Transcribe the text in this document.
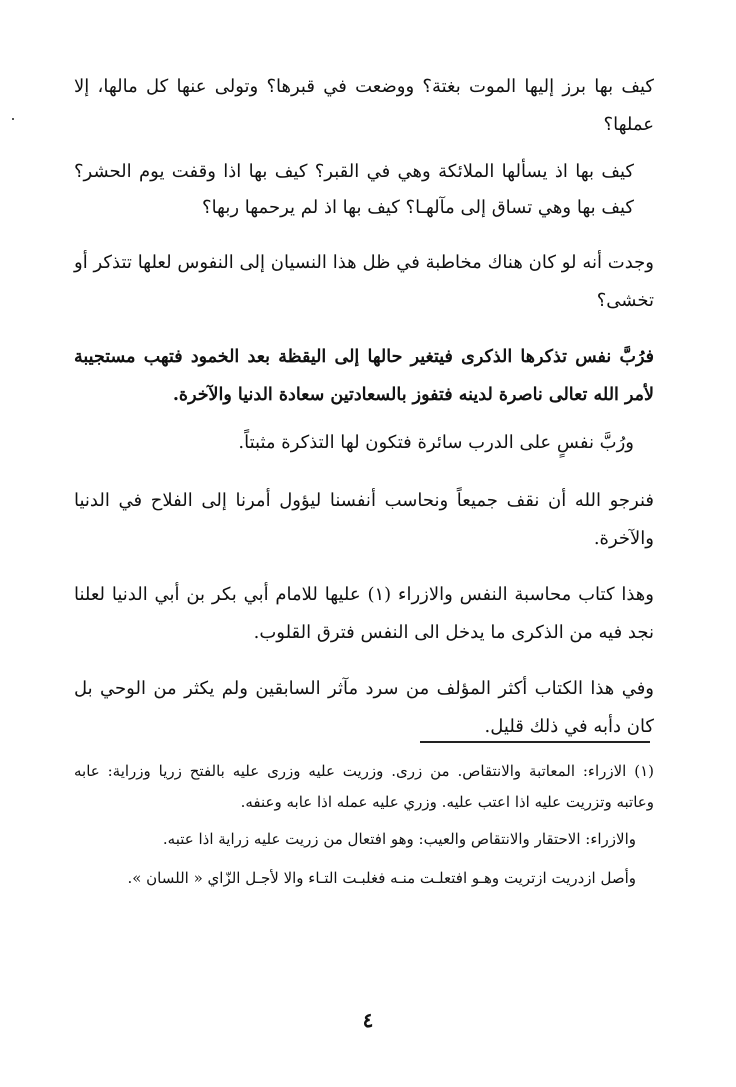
كيف بها برز إليها الموت بغتة؟ ووضعت في قبرها؟ وتولى عنها كل مالها، إلا عملها؟

كيف بها اذ يسألها الملائكة وهي في القبر؟ كيف بها اذا وقفت يوم الحشر؟ كيف بها وهي تساق إلى مآلهـا؟ كيف بها اذ لم يرحمها ربها؟

وجدت أنه لو كان هناك مخاطبة في ظل هذا النسيان إلى النفوس لعلها تتذكر أو تخشى؟

فرُبَّ نفس تذكرها الذكرى فيتغير حالها إلى اليقظة بعد الخمود فتهب مستجيبة لأمر الله تعالى ناصرة لدينه فتفوز بالسعادتين سعادة الدنيا والآخرة.

ورُبَّ نفسٍ على الدرب سائرة فتكون لها التذكرة مثبتاً.

فنرجو الله أن نقف جميعاً ونحاسب أنفسنا ليؤول أمرنا إلى الفلاح في الدنيا والآخرة.

وهذا كتاب محاسبة النفس والازراء (١) عليها للامام أبي بكر بن أبي الدنيا لعلنا نجد فيه من الذكرى ما يدخل الى النفس فترق القلوب.

وفي هذا الكتاب أكثر المؤلف من سرد مآثر السابقين ولم يكثر من الوحي بل كان دأبه في ذلك قليل.

(١) الازراء: المعاتبة والانتقاص. من زرى. وزريت عليه وزرى عليه بالفتح زريا وزراية: عابه وعاتبه وتزريت عليه اذا اعتب عليه. وزري عليه عمله اذا عابه وعنفه.

والازراء: الاحتقار والانتقاص والعيب: وهو افتعال من زريت عليه زراية اذا عتبه.

وأصل ازدريت ازتريت وهـو افتعلـت منـه فغلبـت التـاء والا لأجـل الزّاي « اللسان ».

٤
